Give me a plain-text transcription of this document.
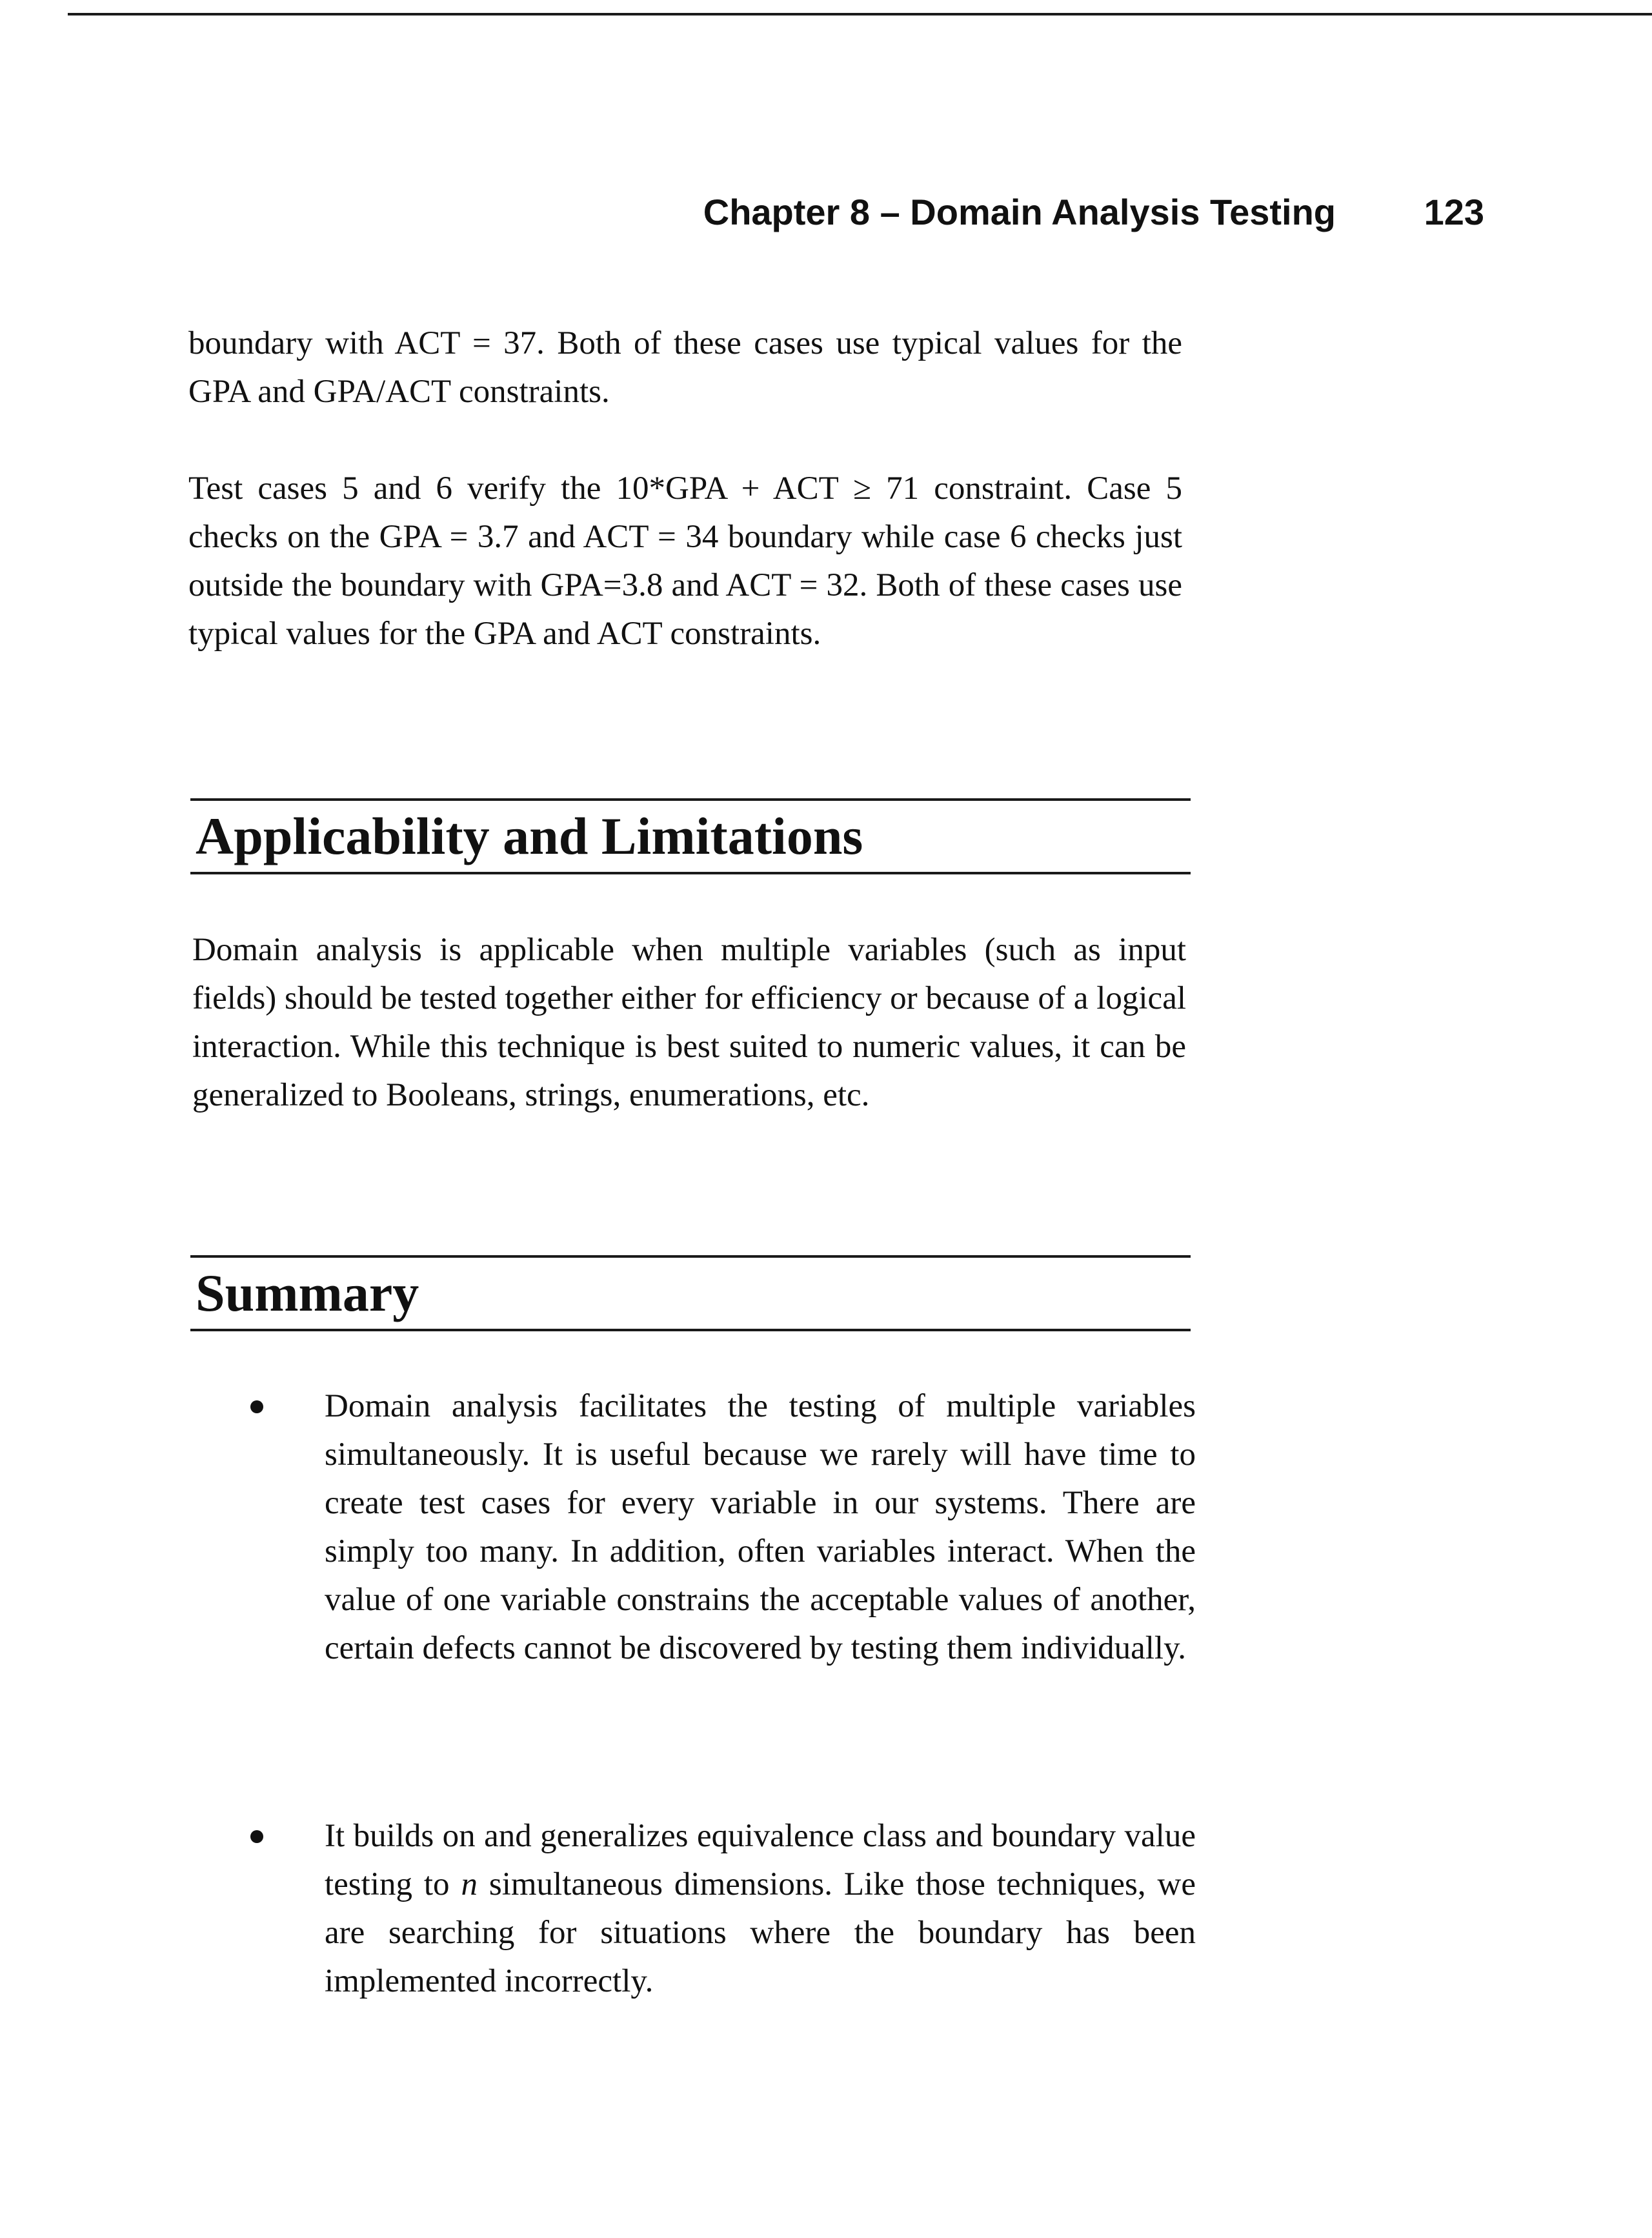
Chapter 8 – Domain Analysis Testing 123

boundary with ACT = 37. Both of these cases use typical values for the GPA and GPA/ACT constraints.

Test cases 5 and 6 verify the 10*GPA + ACT ≥ 71 constraint. Case 5 checks on the GPA = 3.7 and ACT = 34 boundary while case 6 checks just outside the boundary with GPA=3.8 and ACT = 32. Both of these cases use typical values for the GPA and ACT constraints.

Applicability and Limitations

Domain analysis is applicable when multiple variables (such as input fields) should be tested together either for efficiency or because of a logical interaction. While this technique is best suited to numeric values, it can be generalized to Booleans, strings, enumerations, etc.

Summary

Domain analysis facilitates the testing of multiple variables simultaneously. It is useful because we rarely will have time to create test cases for every variable in our systems. There are simply too many. In addition, often variables interact. When the value of one variable constrains the acceptable values of another, certain defects cannot be discovered by testing them individually.

It builds on and generalizes equivalence class and boundary value testing to n simultaneous dimensions. Like those techniques, we are searching for situations where the boundary has been implemented incorrectly.
